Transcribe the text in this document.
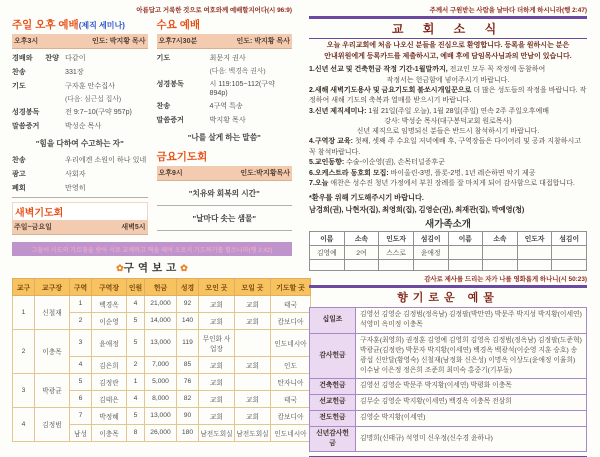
아름답고 거룩한 것으로 여호와께 예배할지어다(시 96:9)
주일 오후 예배(제직 세미나)
오후3시	인도: 박지황 목사
경배와 찬양 다같이
찬송	331장
기도	구자훈 안수집사
(다음: 심근섭 집사)
성경봉독	전 9:7~10(구약 957p)
말씀증거	박성순 목사
"힘을 다하여 수고하는 자"
찬송	우리에겐 소원이 하나 있네
광고	사회자
폐회	만영히
새벽기도회
주일~금요일	새벽5시
수요 예배
오후7시30분	인도: 박지황 목사
기도	최문지 권사
(다음: 백경옥 권사)
성경봉독	시 119:105~112(구약 894p)
찬송	4구역 특송
말씀증거	박지황 목사
"나를 살게 하는 말씀"
금요기도회
오후9시	인도:박지황목사
"치유와 회복의 시간"
"날마다 솟는 샘물"
그들이 사도의 가르침을 받아 서로 교제하고 떡을 떼며 오로지 기도하기를 힘쓰니라(행 2:42)
✿구역보고✿
교구	교구장	구역	구역장	인원	헌금	성경	모인 곳	모일 곳	기도할 곳
1	신철재	1	백경옥	4	21,000	92	교회	교회	태국
		2	이순영	5	14,000	140	교회	교회	캄보디아
2	이충목	3	윤애정	5	13,000	119	무인화 사업장		인도네시아
		4	김은희	2	7,000	85	교회	교회	인도
3	박광균	5	김정란	1	5,000	76	교회		탄자니아
		6	김태은	4	8,000	82	교회	교회	태국
4	김정범	7	박정혜	5	13,000	90	교회	교회	캄보디아
		남성	이충목	8	26,000	180	남전도회실	남전도회실	인도네시아
주께서 구원받는 사람을 날마다 더하게 하시니라(행 2:47)
교 회 소 식
오늘 우리교회에 처음 나오신 분들을 진심으로 환영합니다. 등록을 원하시는 분은
안내위원에게 등록카드를 제출하시고, 예배 후에 담임목사님과의 만남이 있습니다.
1.신년 선교 및 건축헌금 작정 기간-1월말까지, 전교인 모두 꼭 작정에 동참하여
작정서는 헌금함에 넣어주시기 바랍니다.
2.새해 새벽기도용사 및 금요기도회 불쏘시개일꾼으로 더 많은 성도들의 작정을 바랍니다. 작정하여 새해 기도의 축복과 열매를 받으시기 바랍니다.
3.신년 제직세미나: 1월 21일(주일 오늘), 1월 28일(주일) 연속 2주 주일오후예배
강사: 박성순 목사(대구봉덕교회 원로목사)
신년 제직으로 임명되신 분들은 반드시 참석하시기 바랍니다.
4.구역장 교육: 첫째, 셋째 주 수요일 저녁예배 후, 구역장들은 다이어리 및 공과 지참하시고 꼭 참석바랍니다.
5.교인동향: 수술-이순영(권), 손목터널증후군
6.오케스트라 동호회 모집: 바이올린-3명, 플롯-2명, 1년 레슨하면 악기 제공
7.오늘 애찬은 성수진 청년 가정에서 부친 장례를 잘 마치게 되어 감사함으로 대접합니다.
*환우를 위해 기도해주시기 바랍니다.
남경희(권), 나현자(집), 최영희(집), 김영순(권), 최재관(집), 박예영(청)
새가족소개
이름	소속	인도자	섬김이	이름	소속	인도자	섬김이
김영예	2여	스스로	윤애정				

감사로 제사를 드리는 자가 나를 영화롭게 하나니(시 50:23)
향기로운 예물
십일조	김영선 김영순 김정범(정옥남) 김정팔(박만연) 박문주 박지성 박지황(이세연) 석영미 옥미정 이충목
감사헌금	구자훈(최영희) 권정훈 김영예 김영희 김영옥 김정범(정옥남) 김정팔(도준혁) 박광균(김정란) 박문자 박지황(이세연) 백경옥 백광석(이순영 지훈 승호) 송광섭 신안달(황영숙) 신철재(남정화 신은성) 이명옥 이상도(윤애정 이율희) 이수남 이은정 정은희 조준희 최미숙 홍중기(기부돌)
건축헌금	김영선 김영순 박문주 박지황(이세연) 박평화 이충목
선교헌금	김무순 김영순 박지황(이세연) 백경옥 이충목 전삼희
전도헌금	김영순 박지황(이세연)
신년감사헌금	김명희(신태규) 석영미 신우정(신수경 윤하나)
